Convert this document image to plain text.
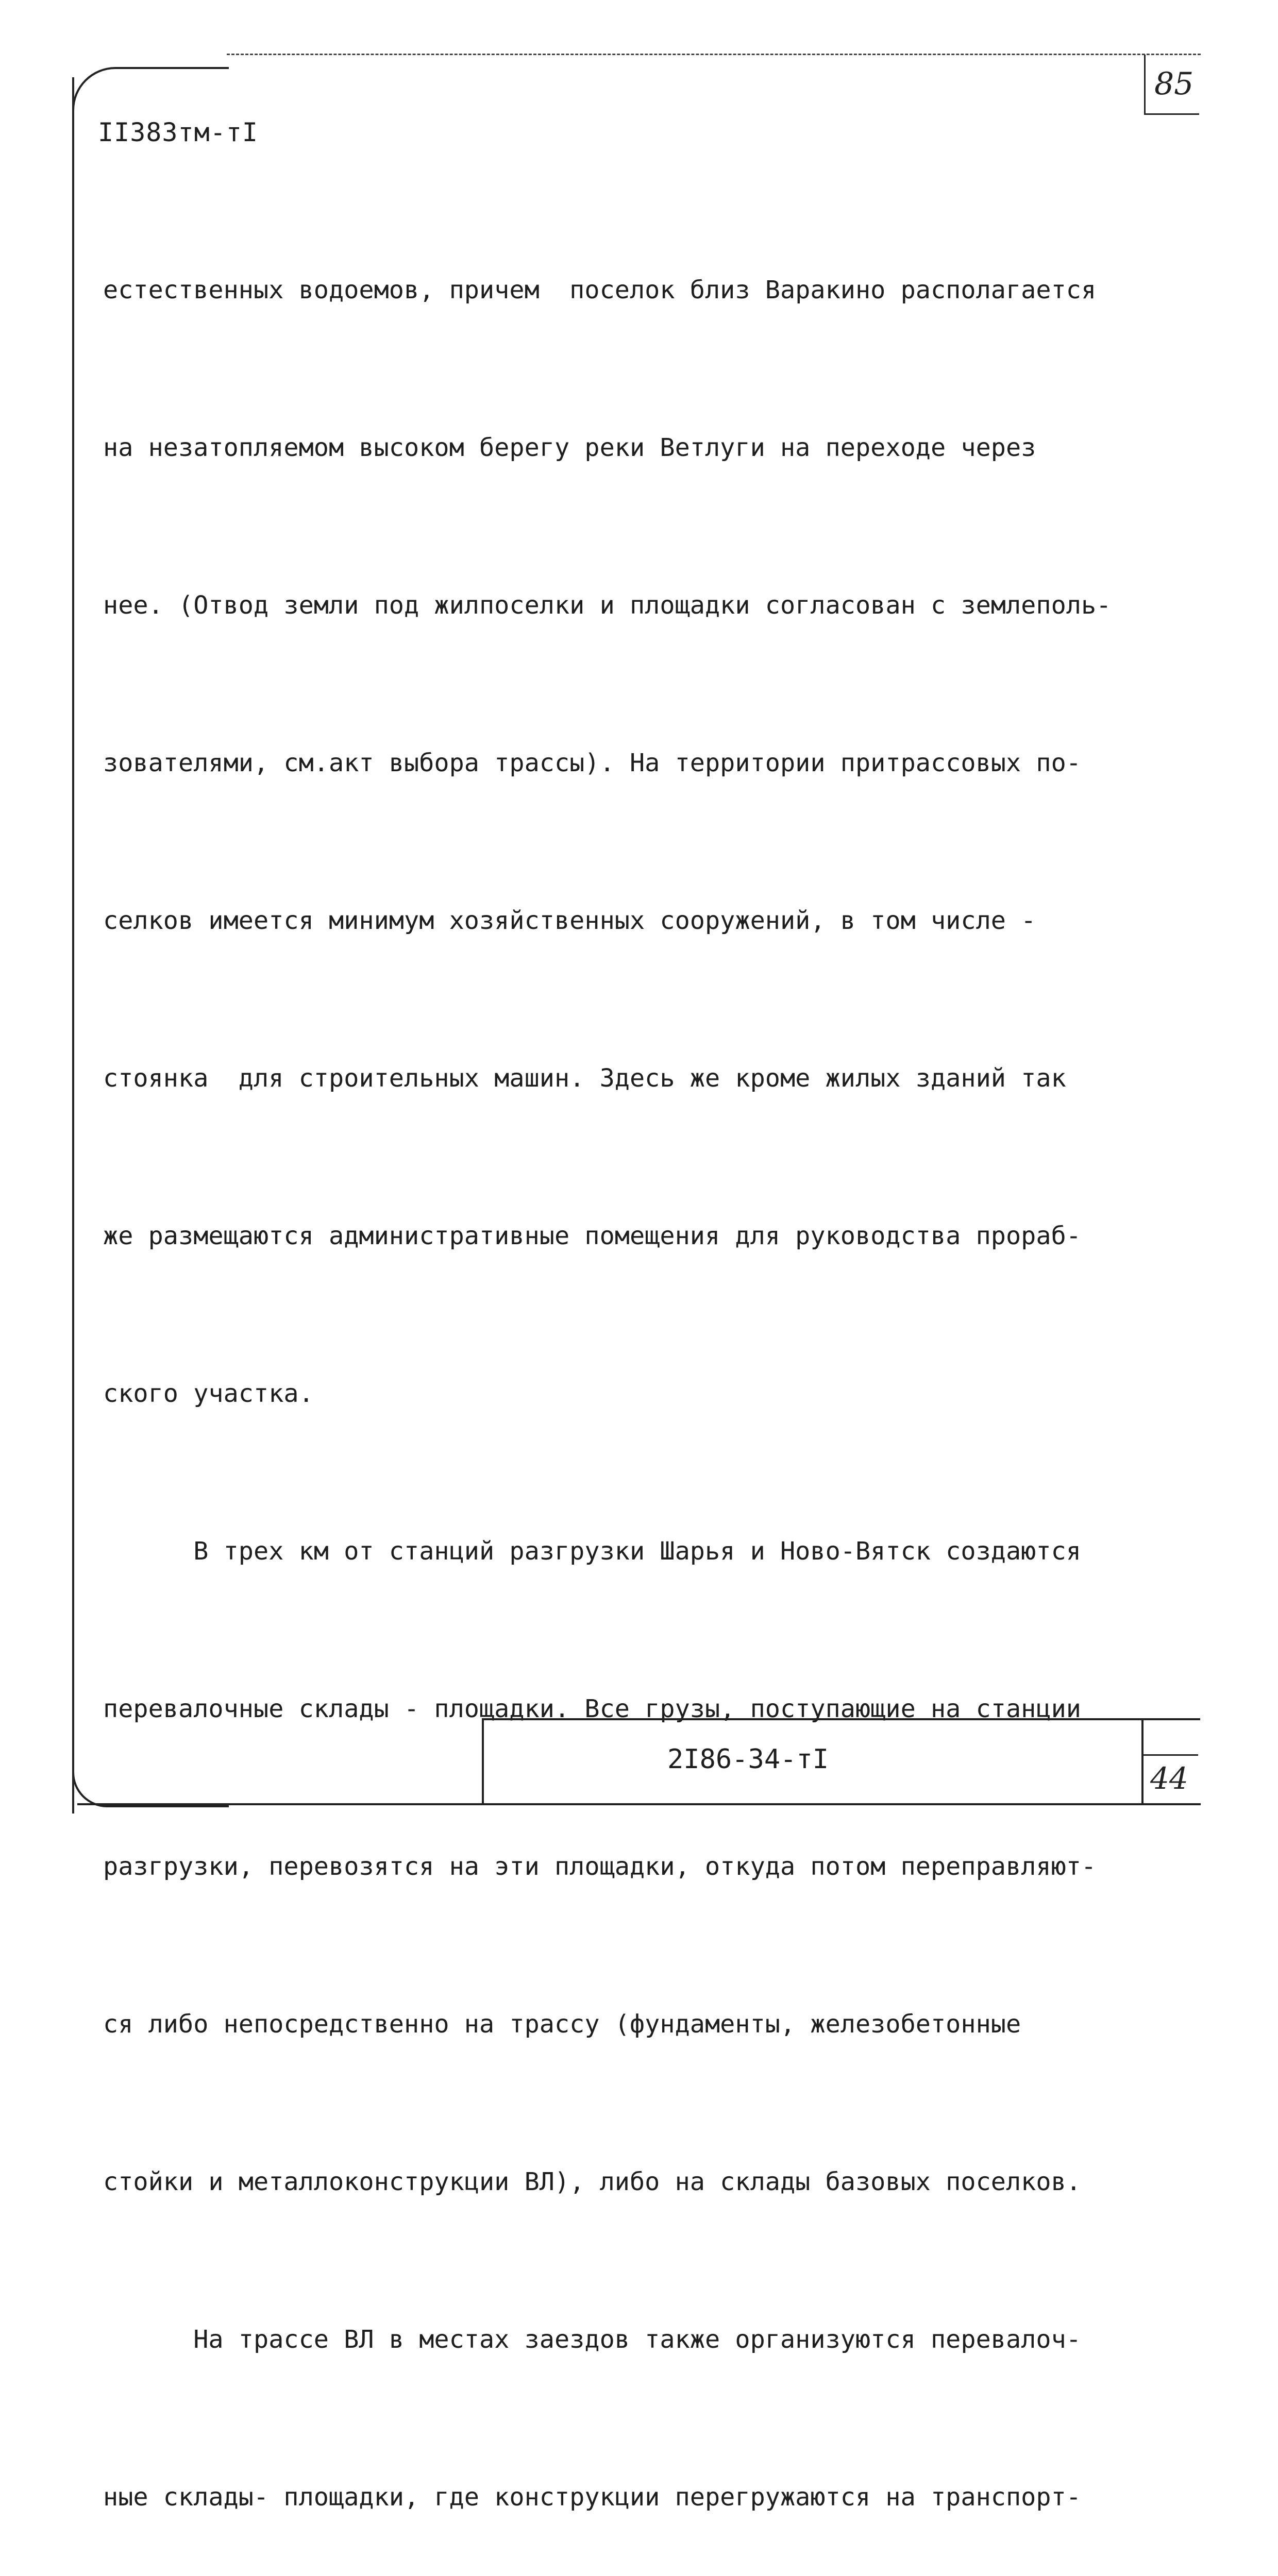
85
II383тм-тI

естественных водоемов, причем  поселок близ Варакино располагается

на незатопляемом высоком берегу реки Ветлуги на переходе через

нее. (Отвод земли под жилпоселки и площадки согласован с землеполь-

зователями, см.акт выбора трассы). На территории притрассовых по-

селков имеется минимум хозяйственных сооружений, в том числе -

стоянка  для строительных машин. Здесь же кроме жилых зданий так

же размещаются административные помещения для руководства прораб-

ского участка.

В трех км от станций разгрузки Шарья и Ново-Вятск создаются

перевалочные склады - площадки. Все грузы, поступающие на станции

разгрузки, перевозятся на эти площадки, откуда потом переправляют-

ся либо непосредственно на трассу (фундаменты, железобетонные

стойки и металлоконструкции ВЛ), либо на склады базовых поселков.

На трассе ВЛ в местах заездов также организуются перевалоч-

ные склады- площадки, где конструкции перегружаются на транспорт-

2I86-34-тI
44
